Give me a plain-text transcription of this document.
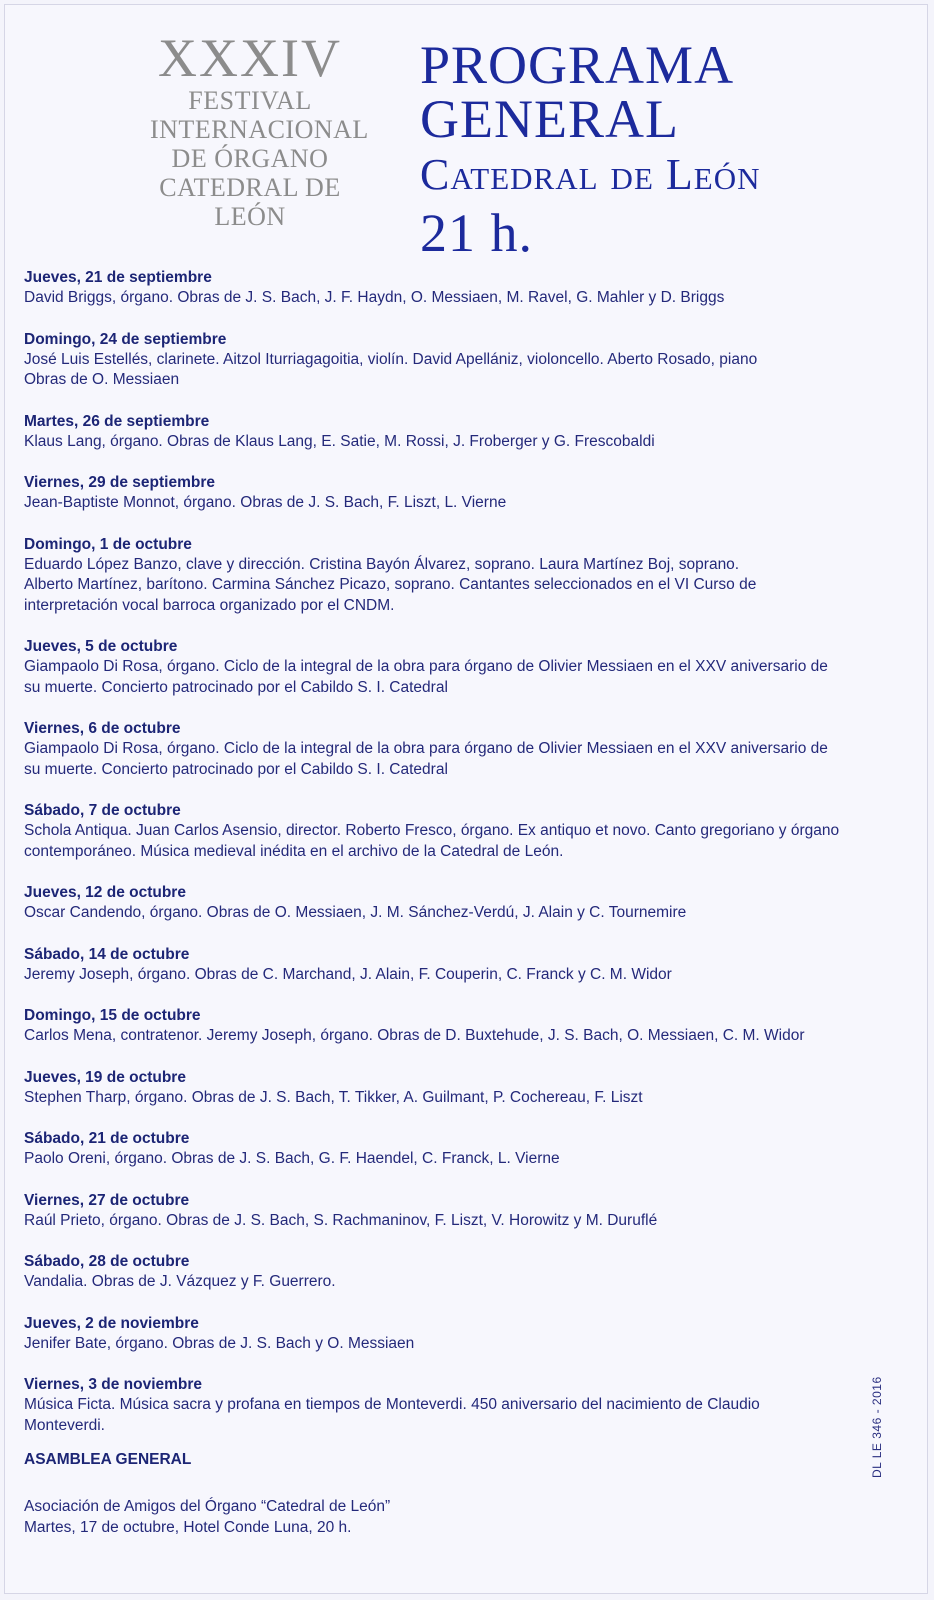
XXXIV
FESTIVAL
INTERNACIONAL
DE ÓRGANO
CATEDRAL DE
LEÓN
PROGRAMA
GENERAL
Catedral de León
21 h.
Jueves, 21 de septiembre
David Briggs, órgano. Obras de J. S. Bach, J. F. Haydn, O. Messiaen, M. Ravel, G. Mahler y D. Briggs
Domingo, 24 de septiembre
José Luis Estellés, clarinete. Aitzol Iturriagagoitia, violín. David Apellániz, violoncello. Aberto Rosado, piano
Obras de O. Messiaen
Martes, 26 de septiembre
Klaus Lang, órgano. Obras de Klaus Lang, E. Satie, M. Rossi, J. Froberger y G. Frescobaldi
Viernes, 29 de septiembre
Jean-Baptiste Monnot, órgano. Obras de J. S. Bach, F. Liszt, L. Vierne
Domingo, 1 de octubre
Eduardo López Banzo, clave y dirección. Cristina Bayón Álvarez, soprano. Laura Martínez Boj, soprano.
Alberto Martínez, barítono. Carmina Sánchez Picazo, soprano. Cantantes seleccionados en el VI Curso de
interpretación vocal barroca organizado por el CNDM.
Jueves, 5 de octubre
Giampaolo Di Rosa, órgano. Ciclo de la integral de la obra para órgano de Olivier Messiaen en el XXV aniversario de
su muerte. Concierto patrocinado por el Cabildo S. I. Catedral
Viernes, 6 de octubre
Giampaolo Di Rosa, órgano. Ciclo de la integral de la obra para órgano de Olivier Messiaen en el XXV aniversario de
su muerte. Concierto patrocinado por el Cabildo S. I. Catedral
Sábado, 7 de octubre
Schola Antiqua. Juan Carlos Asensio, director. Roberto Fresco, órgano. Ex antiquo et novo. Canto gregoriano y órgano
contemporáneo. Música medieval inédita en el archivo de la Catedral de León.
Jueves, 12 de octubre
Oscar Candendo, órgano. Obras de O. Messiaen, J. M. Sánchez-Verdú, J. Alain y C. Tournemire
Sábado, 14 de octubre
Jeremy Joseph, órgano. Obras de C. Marchand, J. Alain, F. Couperin, C. Franck y C. M. Widor
Domingo, 15 de octubre
Carlos Mena, contratenor. Jeremy Joseph, órgano. Obras de D. Buxtehude, J. S. Bach, O. Messiaen, C. M. Widor
Jueves, 19 de octubre
Stephen Tharp, órgano. Obras de J. S. Bach, T. Tikker, A. Guilmant, P. Cochereau, F. Liszt
Sábado, 21 de octubre
Paolo Oreni, órgano. Obras de J. S. Bach, G. F. Haendel, C. Franck, L. Vierne
Viernes, 27 de octubre
Raúl Prieto, órgano. Obras de J. S. Bach, S. Rachmaninov, F. Liszt, V. Horowitz y M. Duruflé
Sábado, 28 de octubre
Vandalia. Obras de J. Vázquez y F. Guerrero.
Jueves, 2 de noviembre
Jenifer Bate, órgano. Obras de J. S. Bach y O. Messiaen
Viernes, 3 de noviembre
Música Ficta. Música sacra y profana en tiempos de Monteverdi. 450 aniversario del nacimiento de Claudio
Monteverdi.
ASAMBLEA GENERAL
Asociación de Amigos del Órgano “Catedral de León”
Martes, 17 de octubre, Hotel Conde Luna, 20 h.
DL LE 346 - 2016
